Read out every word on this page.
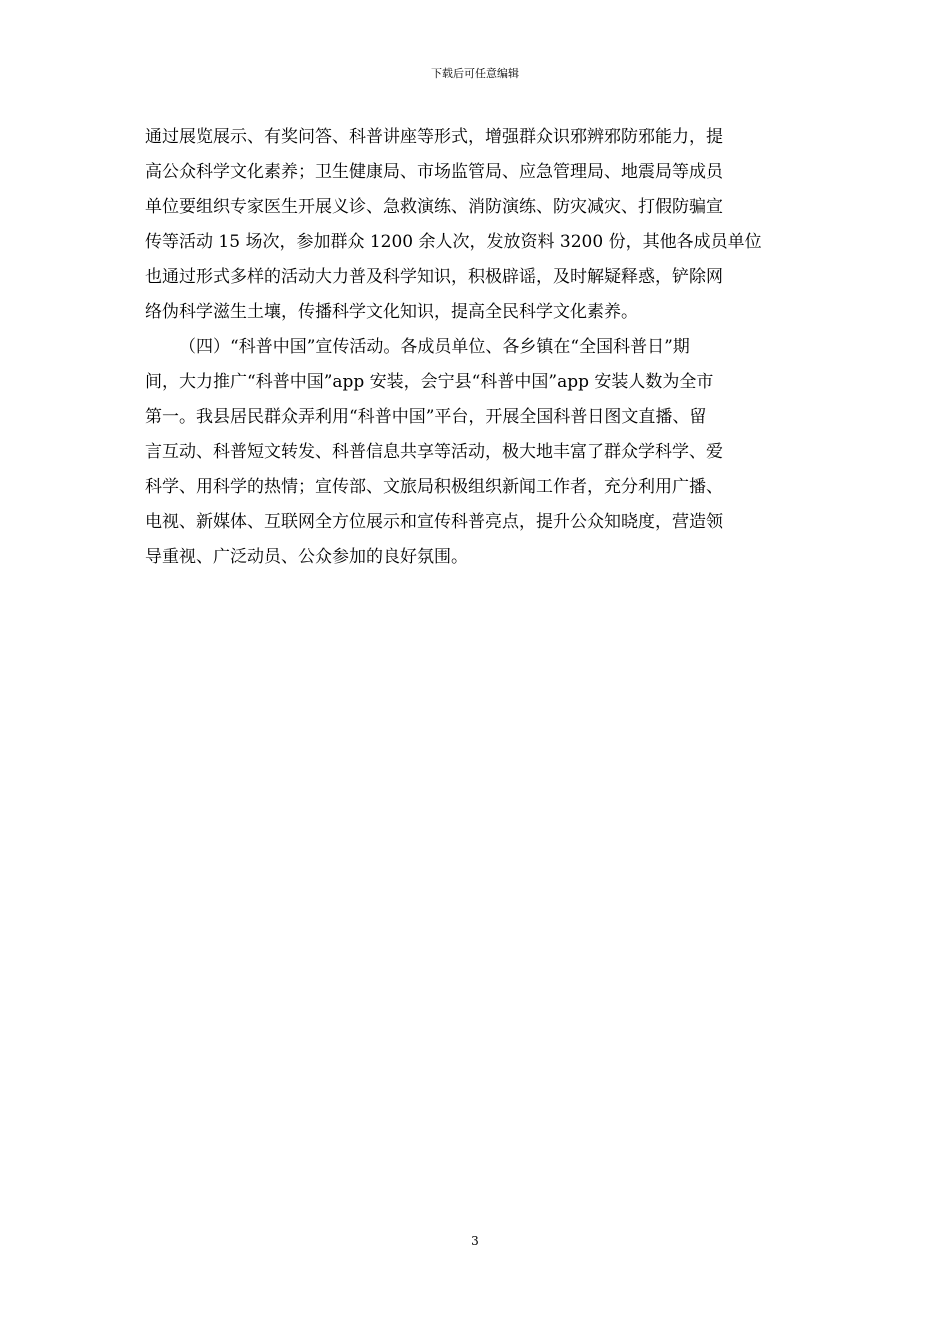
下载后可任意编辑

通过展览展示、有奖问答、科普讲座等形式，增强群众识邪辨邪防邪能力，提
高公众科学文化素养；卫生健康局、市场监管局、应急管理局、地震局等成员
单位要组织专家医生开展义诊、急救演练、消防演练、防灾减灾、打假防骗宣
传等活动 15 场次，参加群众 1200 余人次，发放资料 3200 份，其他各成员单位
也通过形式多样的活动大力普及科学知识，积极辟谣，及时解疑释惑，铲除网
络伪科学滋生土壤，传播科学文化知识，提高全民科学文化素养。

（四）“科普中国”宣传活动。各成员单位、各乡镇在“全国科普日”期
间，大力推广“科普中国”app 安装，会宁县“科普中国”app 安装人数为全市
第一。我县居民群众弄利用“科普中国”平台，开展全国科普日图文直播、留
言互动、科普短文转发、科普信息共享等活动，极大地丰富了群众学科学、爱
科学、用科学的热情；宣传部、文旅局积极组织新闻工作者，充分利用广播、
电视、新媒体、互联网全方位展示和宣传科普亮点，提升公众知晓度，营造领
导重视、广泛动员、公众参加的良好氛围。

3
